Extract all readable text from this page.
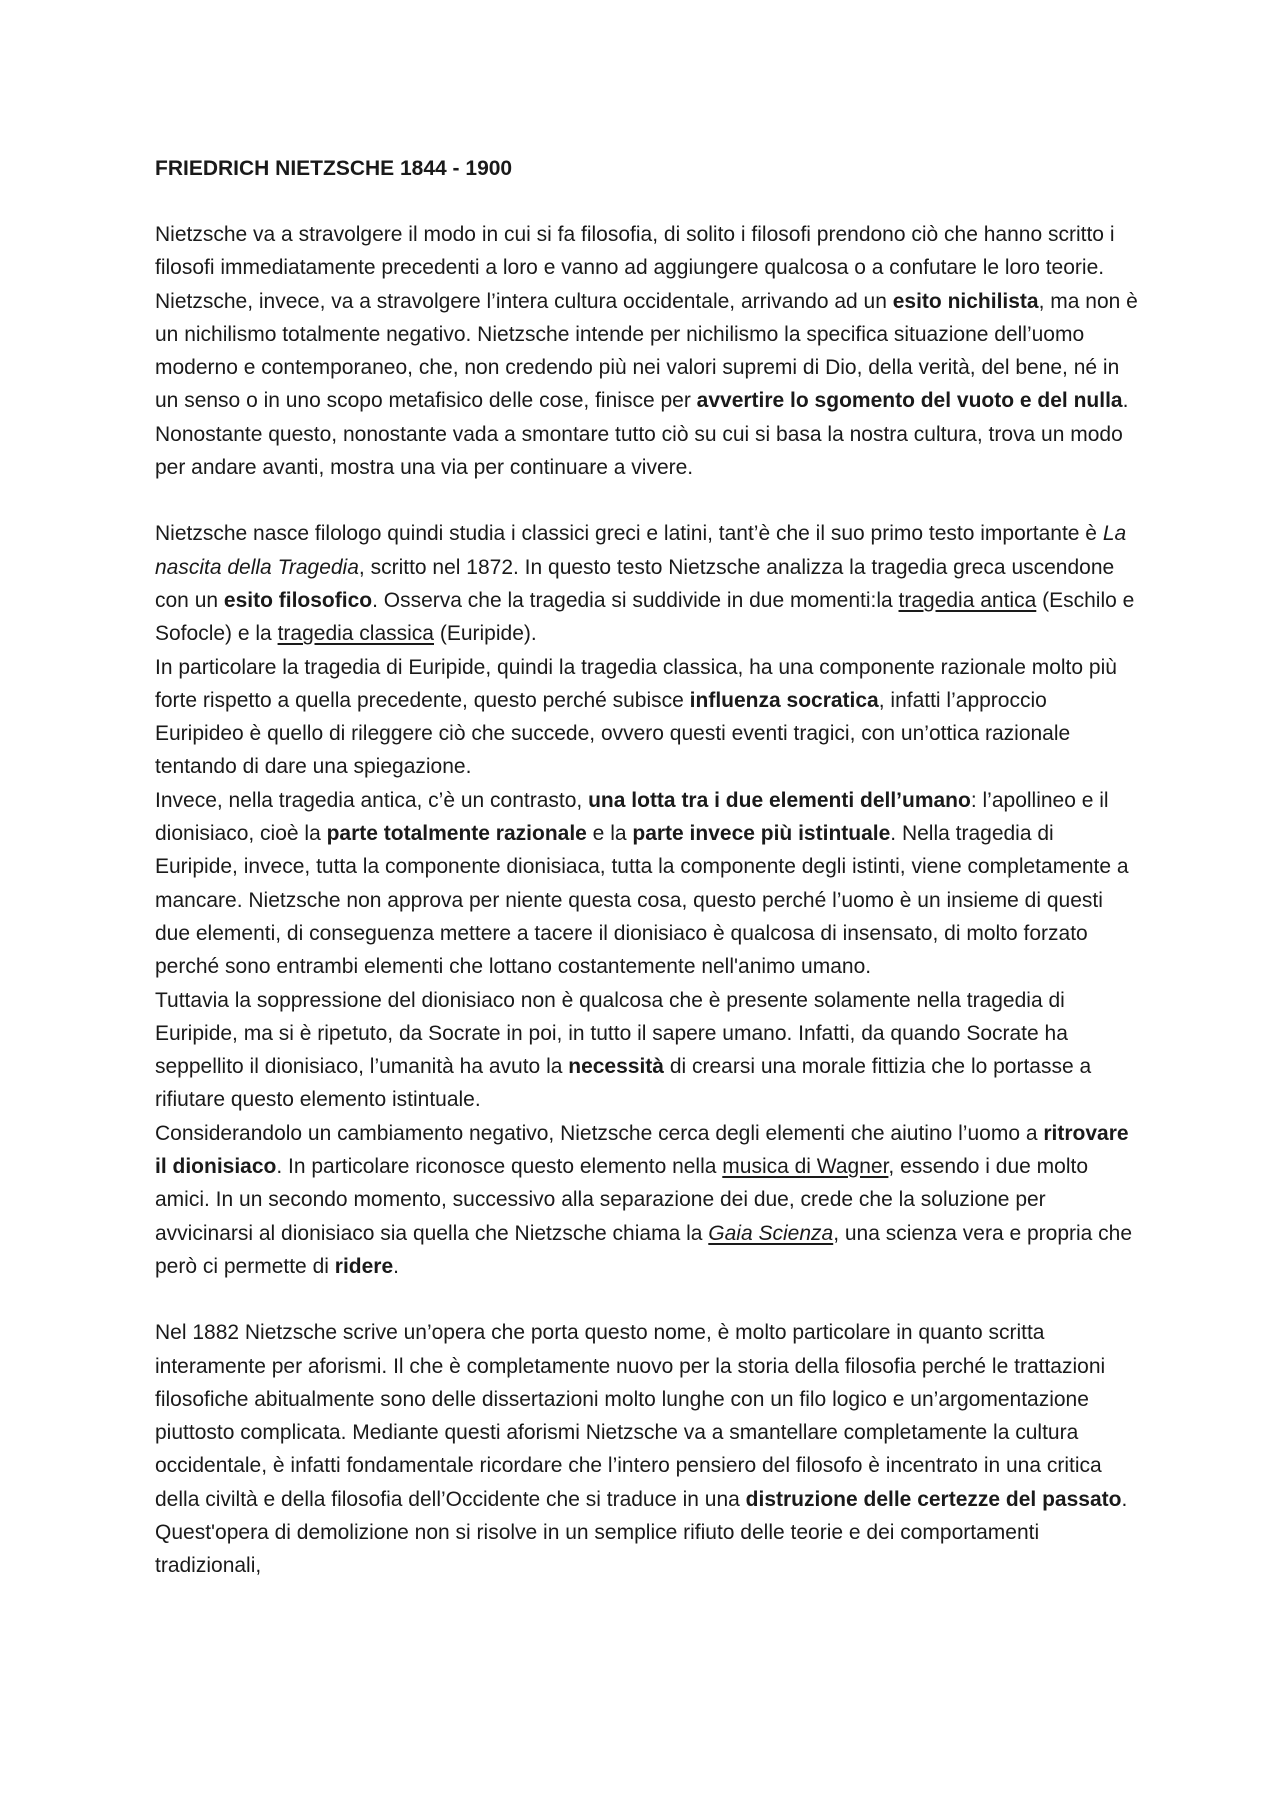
FRIEDRICH NIETZSCHE 1844 - 1900

Nietzsche va a stravolgere il modo in cui si fa filosofia, di solito i filosofi prendono ciò che hanno scritto i filosofi immediatamente precedenti a loro e vanno ad aggiungere qualcosa o a confutare le loro teorie. Nietzsche, invece, va a stravolgere l’intera cultura occidentale, arrivando ad un esito nichilista, ma non è un nichilismo totalmente negativo. Nietzsche intende per nichilismo la specifica situazione dell’uomo moderno e contemporaneo, che, non credendo più nei valori supremi di Dio, della verità, del bene, né in un senso o in uno scopo metafisico delle cose, finisce per avvertire lo sgomento del vuoto e del nulla. Nonostante questo, nonostante vada a smontare tutto ciò su cui si basa la nostra cultura, trova un modo per andare avanti, mostra una via per continuare a vivere.

Nietzsche nasce filologo quindi studia i classici greci e latini, tant’è che il suo primo testo importante è La nascita della Tragedia, scritto nel 1872. In questo testo Nietzsche analizza la tragedia greca uscendone con un esito filosofico. Osserva che la tragedia si suddivide in due momenti:la tragedia antica (Eschilo e Sofocle) e la tragedia classica (Euripide).

In particolare la tragedia di Euripide, quindi la tragedia classica, ha una componente razionale molto più forte rispetto a quella precedente, questo perché subisce influenza socratica, infatti l’approccio Euripideo è quello di rileggere ciò che succede, ovvero questi eventi tragici, con un’ottica razionale tentando di dare una spiegazione.

Invece, nella tragedia antica, c’è un contrasto, una lotta tra i due elementi dell’umano: l’apollineo e il dionisiaco, cioè la parte totalmente razionale e la parte invece più istintuale. Nella tragedia di Euripide, invece, tutta la componente dionisiaca, tutta la componente degli istinti, viene completamente a mancare. Nietzsche non approva per niente questa cosa, questo perché l’uomo è un insieme di questi due elementi, di conseguenza mettere a tacere il dionisiaco è qualcosa di insensato, di molto forzato perché sono entrambi elementi che lottano costantemente nell'animo umano.

Tuttavia la soppressione del dionisiaco non è qualcosa che è presente solamente nella tragedia di Euripide, ma si è ripetuto, da Socrate in poi, in tutto il sapere umano. Infatti, da quando Socrate ha seppellito il dionisiaco, l’umanità ha avuto la necessità di crearsi una morale fittizia che lo portasse a rifiutare questo elemento istintuale.

Considerandolo un cambiamento negativo, Nietzsche cerca degli elementi che aiutino l’uomo a ritrovare il dionisiaco. In particolare riconosce questo elemento nella musica di Wagner, essendo i due molto amici. In un secondo momento, successivo alla separazione dei due, crede che la soluzione per avvicinarsi al dionisiaco sia quella che Nietzsche chiama la Gaia Scienza, una scienza vera e propria che però ci permette di ridere.

Nel 1882 Nietzsche scrive un’opera che porta questo nome, è molto particolare in quanto scritta interamente per aforismi. Il che è completamente nuovo per la storia della filosofia perché le trattazioni filosofiche abitualmente sono delle dissertazioni molto lunghe con un filo logico e un’argomentazione piuttosto complicata. Mediante questi aforismi Nietzsche va a smantellare completamente la cultura occidentale, è infatti fondamentale ricordare che l’intero pensiero del filosofo è incentrato in una critica della civiltà e della filosofia dell’Occidente che si traduce in una distruzione delle certezze del passato. Quest'opera di demolizione non si risolve in un semplice rifiuto delle teorie e dei comportamenti tradizionali,
